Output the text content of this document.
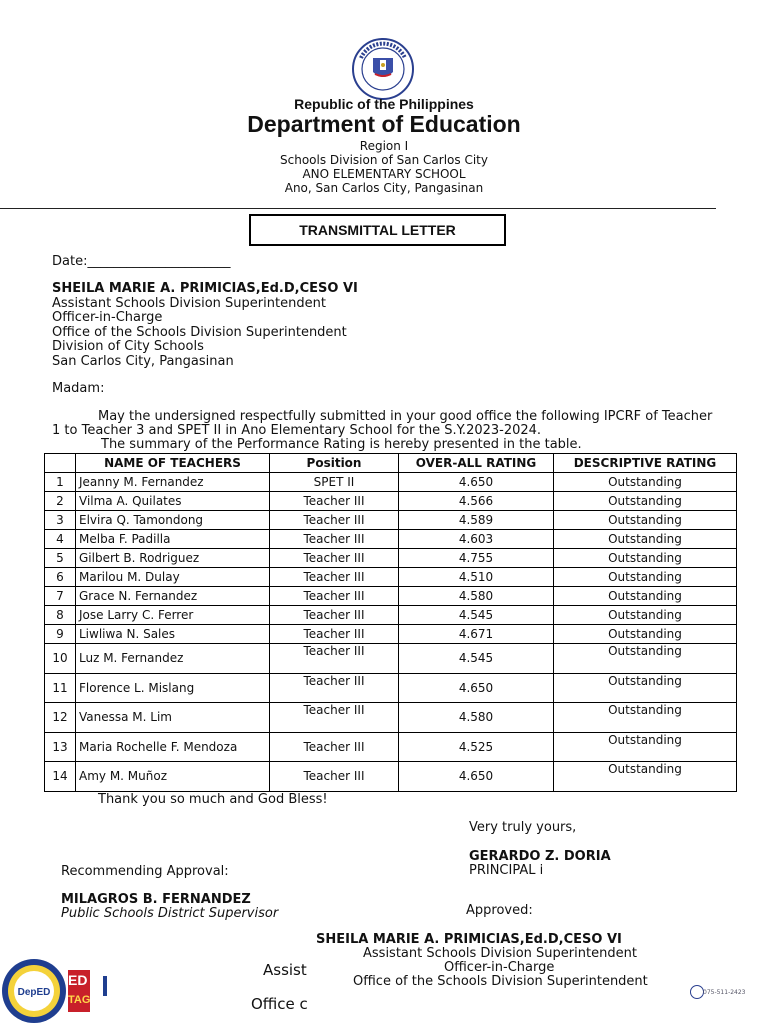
Republic of the Philippines
Department of Education
Region I
Schools Division of San Carlos City
ANO ELEMENTARY SCHOOL
Ano, San Carlos City, Pangasinan
TRANSMITTAL LETTER
Date:______________________
SHEILA MARIE A. PRIMICIAS,Ed.D,CESO VI
Assistant Schools Division Superintendent
Officer-in-Charge
Office of the Schools Division Superintendent
Division of City Schools
San Carlos City, Pangasinan
Madam:
May the undersigned respectfully submitted in your good office the following IPCRF of Teacher
1 to Teacher 3 and SPET II in Ano Elementary School for the S.Y.2023-2024.
The summary of the Performance Rating is hereby presented in the table.
	NAME OF TEACHERS	Position	OVER-ALL RATING	DESCRIPTIVE RATING
1	Jeanny M. Fernandez	SPET II	4.650	Outstanding
2	Vilma A. Quilates	Teacher III	4.566	Outstanding
3	Elvira Q. Tamondong	Teacher III	4.589	Outstanding
4	Melba F. Padilla	Teacher III	4.603	Outstanding
5	Gilbert B. Rodriguez	Teacher III	4.755	Outstanding
6	Marilou M. Dulay	Teacher III	4.510	Outstanding
7	Grace N. Fernandez	Teacher III	4.580	Outstanding
8	Jose Larry C. Ferrer	Teacher III	4.545	Outstanding
9	Liwliwa N. Sales	Teacher III	4.671	Outstanding
10	Luz M. Fernandez	Teacher III	4.545	Outstanding
11	Florence L. Mislang	Teacher III	4.650	Outstanding
12	Vanessa M. Lim	Teacher III	4.580	Outstanding
13	Maria Rochelle F. Mendoza	Teacher III	4.525	Outstanding
14	Amy M. Muñoz	Teacher III	4.650	Outstanding
Thank you so much and God Bless!
Very truly yours,
GERARDO Z. DORIA
PRINCIPAL i
Recommending Approval:
MILAGROS B. FERNANDEZ
Public Schools District Supervisor	Approved:
SHEILA MARIE A. PRIMICIAS,Ed.D,CESO VI
Assistant Schools Division Superintendent
Officer-in-Charge
Office of the Schools Division Superintendent
Assist
Office c
DepED
ED
TAG
075-511-2423
